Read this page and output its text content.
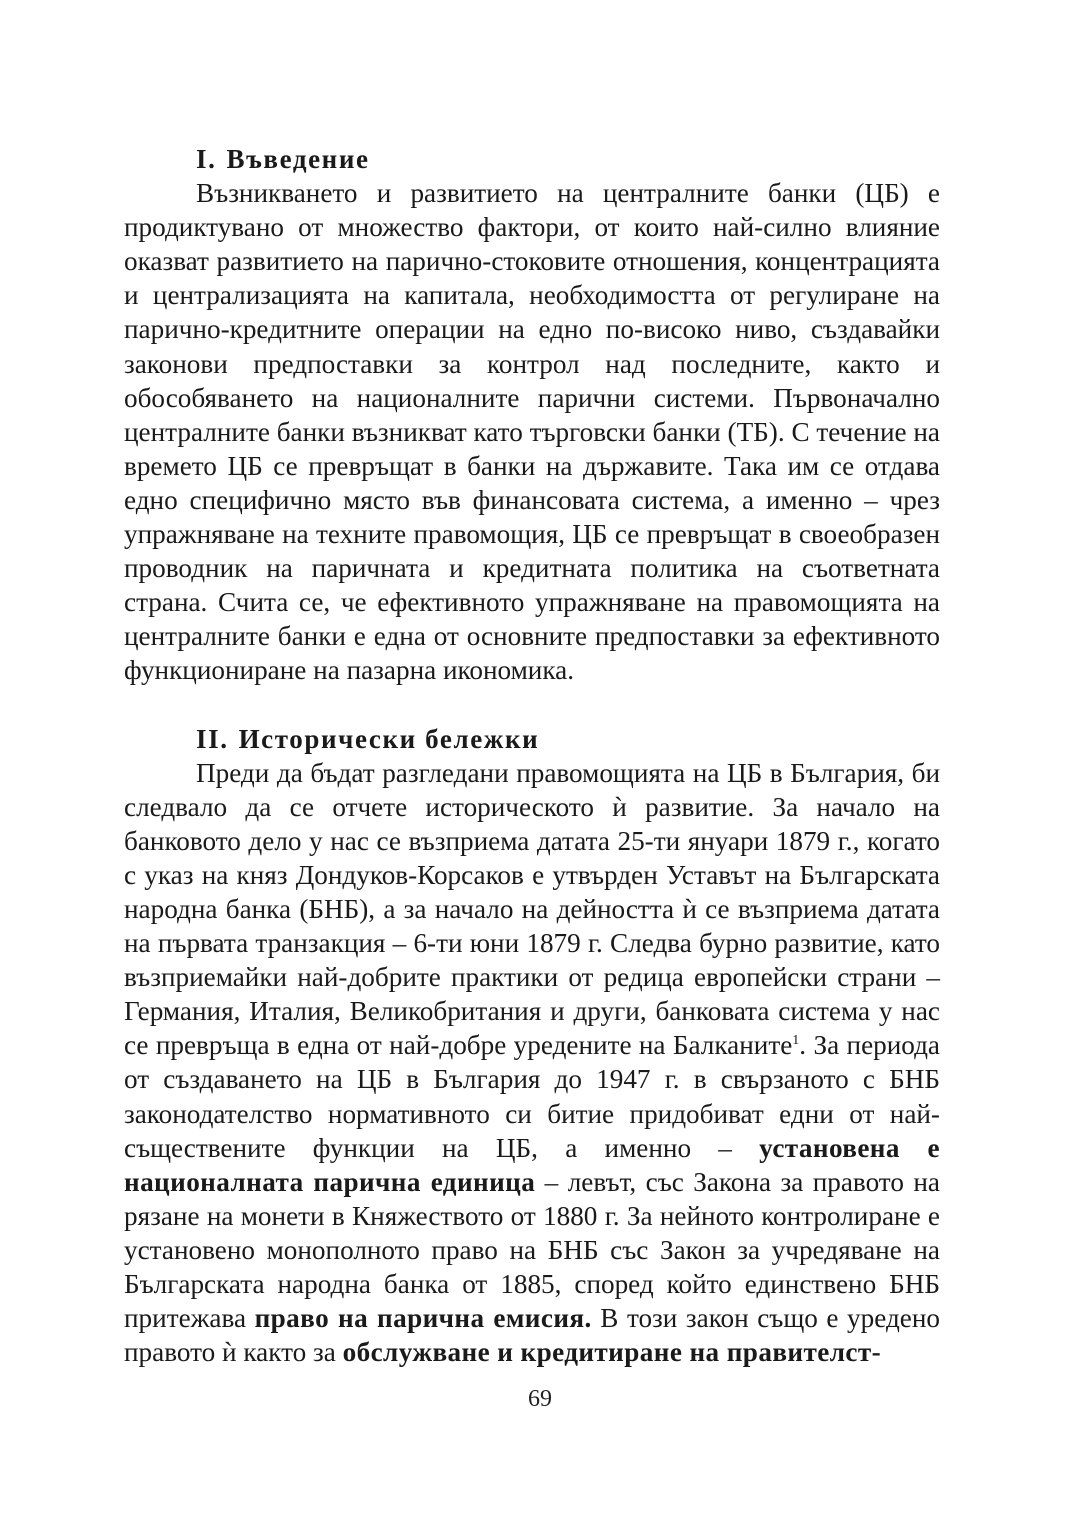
I. Въведение

Възникването и развитието на централните банки (ЦБ) е продиктувано от множество фактори, от които най-силно влияние оказват развитието на парично-стоковите отношения, концентрацията и централизацията на капитала, необходимостта от регулиране на парично-кредитните операции на едно по-високо ниво, създавайки законови предпоставки за контрол над последните, както и обособяването на националните парични системи. Първоначално централните банки възникват като търговски банки (ТБ). С течение на времето ЦБ се превръщат в банки на държавите. Така им се отдава едно специфично място във финансовата система, а именно – чрез упражняване на техните правомощия, ЦБ се превръщат в своеобразен проводник на паричната и кредитната политика на съответната страна. Счита се, че ефективното упражняване на правомощията на централните банки е една от основните предпоставки за ефективното функциониране на пазарна икономика.

II. Исторически бележки

Преди да бъдат разгледани правомощията на ЦБ в България, би следвало да се отчете историческото ѝ развитие. За начало на банковото дело у нас се възприема датата 25-ти януари 1879 г., когато с указ на княз Дондуков-Корсаков е утвърден Уставът на Българската народна банка (БНБ), а за начало на дейността ѝ се възприема датата на първата транзакция – 6-ти юни 1879 г. Следва бурно развитие, като възприемайки най-добрите практики от редица европейски страни – Германия, Италия, Великобритания и други, банковата система у нас се превръща в една от най-добре уредените на Балканите$^1$. За периода от създаването на ЦБ в България до 1947 г. в свързаното с БНБ законодателство нормативното си битие придобиват едни от най-съществените функции на ЦБ, а именно – установена е националната парична единица – левът, със Закона за правото на рязане на монети в Княжеството от 1880 г. За нейното контролиране е установено монополното право на БНБ със Закон за учредяване на Българската народна банка от 1885, според който единствено БНБ притежава право на парична емисия. В този закон също е уредено правото ѝ както за обслужване и кредитиране на правителст-

69
